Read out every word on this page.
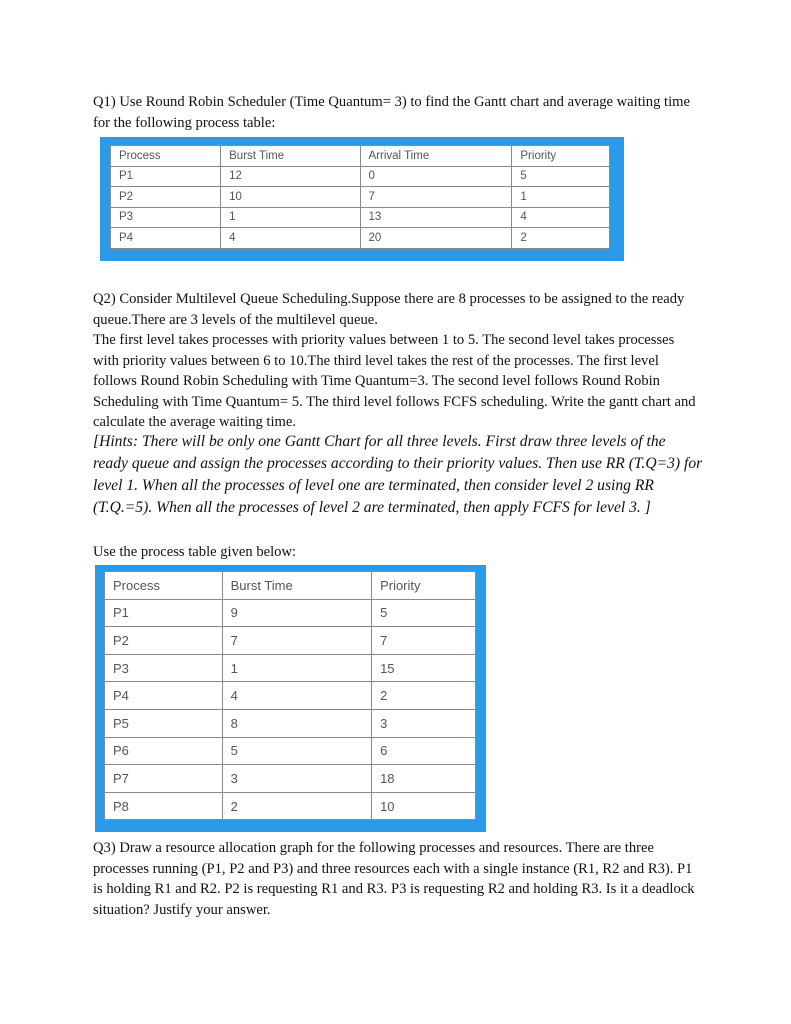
Q1) Use Round Robin Scheduler (Time Quantum= 3) to find the Gantt chart and average waiting time for the following process table:

Process	Burst Time	Arrival Time	Priority
P1	12	0	5
P2	10	7	1
P3	1	13	4
P4	4	20	2

Q2) Consider Multilevel Queue Scheduling.Suppose there are 8 processes to be assigned to the ready queue.There are 3 levels of the multilevel queue.

The first level takes processes with priority values between 1 to 5. The second level takes processes with priority values between 6 to 10.The third level takes the rest of the processes. The first level follows Round Robin Scheduling with Time Quantum=3. The second level follows Round Robin Scheduling with Time Quantum= 5. The third level follows FCFS scheduling. Write the gantt chart and calculate the average waiting time.

[Hints: There will be only one Gantt Chart for all three levels. First draw three levels of the ready queue and assign the processes according to their priority values. Then use RR (T.Q=3) for level 1. When all the processes of level one are terminated, then consider level 2 using RR (T.Q.=5). When all the processes of level 2 are terminated, then apply FCFS for level 3. ]

Use the process table given below:

Process	Burst Time	Priority
P1	9	5
P2	7	7
P3	1	15
P4	4	2
P5	8	3
P6	5	6
P7	3	18
P8	2	10

Q3) Draw a resource allocation graph for the following processes and resources. There are three processes running (P1, P2 and P3) and three resources each with a single instance (R1, R2 and R3). P1 is holding R1 and R2. P2 is requesting R1 and R3. P3 is requesting R2 and holding R3. Is it a deadlock situation? Justify your answer.
